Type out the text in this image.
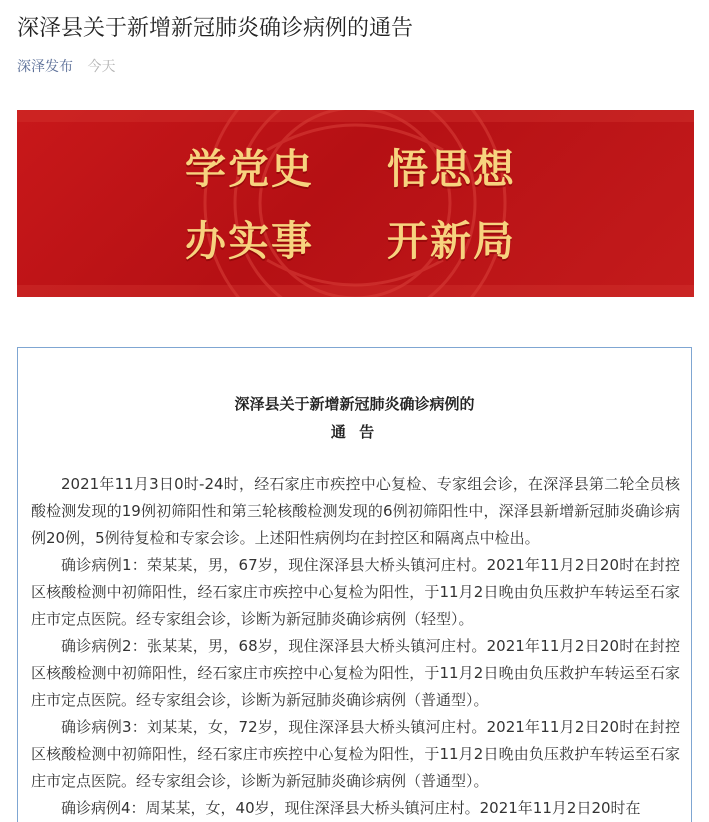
深泽县关于新增新冠肺炎确诊病例的通告
深泽发布 今天
学党史 悟思想
办实事 开新局
深泽县关于新增新冠肺炎确诊病例的
通 告

2021年11月3日0时-24时，经石家庄市疾控中心复检、专家组会诊，在深泽县第二轮全员核酸检测发现的19例初筛阳性和第三轮核酸检测发现的6例初筛阳性中，深泽县新增新冠肺炎确诊病例20例，5例待复检和专家会诊。上述阳性病例均在封控区和隔离点中检出。

确诊病例1：荣某某，男，67岁，现住深泽县大桥头镇河庄村。2021年11月2日20时在封控区核酸检测中初筛阳性，经石家庄市疾控中心复检为阳性，于11月2日晚由负压救护车转运至石家庄市定点医院。经专家组会诊，诊断为新冠肺炎确诊病例（轻型）。

确诊病例2：张某某，男，68岁，现住深泽县大桥头镇河庄村。2021年11月2日20时在封控区核酸检测中初筛阳性，经石家庄市疾控中心复检为阳性，于11月2日晚由负压救护车转运至石家庄市定点医院。经专家组会诊，诊断为新冠肺炎确诊病例（普通型）。

确诊病例3：刘某某，女，72岁，现住深泽县大桥头镇河庄村。2021年11月2日20时在封控区核酸检测中初筛阳性，经石家庄市疾控中心复检为阳性，于11月2日晚由负压救护车转运至石家庄市定点医院。经专家组会诊，诊断为新冠肺炎确诊病例（普通型）。

确诊病例4：周某某，女，40岁，现住深泽县大桥头镇河庄村。2021年11月2日20时在
